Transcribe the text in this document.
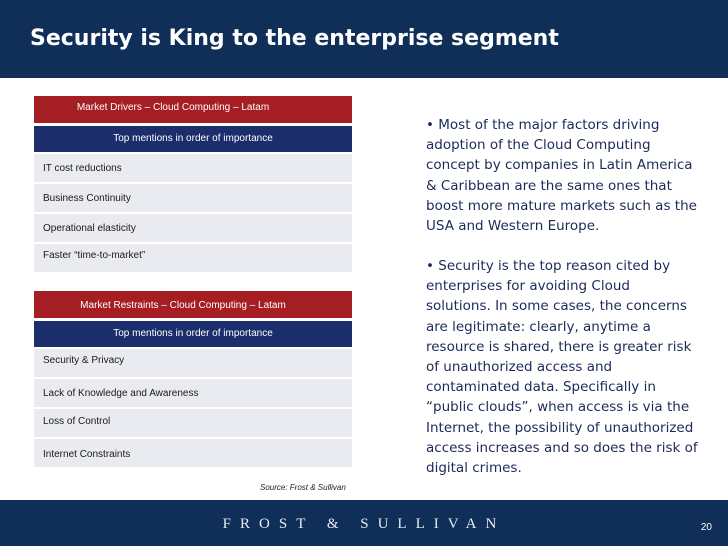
Security is King to the enterprise segment
Market Drivers – Cloud Computing – Latam
Top mentions in order of importance
IT cost reductions
Business Continuity
Operational elasticity
Faster “time-to-market”
Market Restraints – Cloud Computing – Latam
Top mentions in order of importance
Security & Privacy
Lack of Knowledge and Awareness
Loss of Control
Internet Constraints
Source: Frost & Sullivan
• Most of the major factors driving adoption of the Cloud Computing concept by companies in Latin America & Caribbean are the same ones that boost more mature markets such as the USA and Western Europe.
• Security is the top reason cited by enterprises for avoiding Cloud solutions. In some cases, the concerns are legitimate: clearly, anytime a resource is shared, there is greater risk of unauthorized access and contaminated data. Specifically in “public clouds”, when access is via the Internet, the possibility of unauthorized access increases and so does the risk of digital crimes.
FROST & SULLIVAN	20
